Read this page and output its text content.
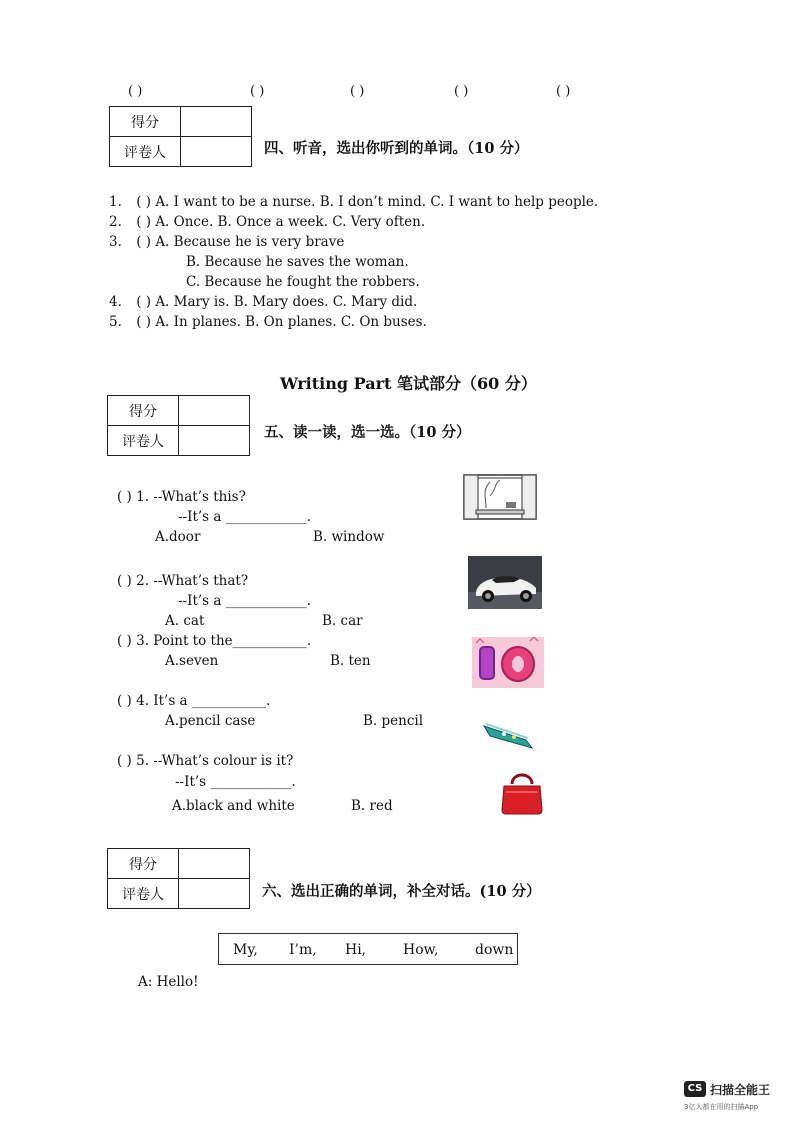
( )	( )	( )	( )	( )
得分	
评卷人		四、听音，选出你听到的单词。（10 分）
1. ( ) A. I want to be a nurse. B. I don’t mind. C. I want to help people.
2. ( ) A. Once. B. Once a week. C. Very often.
3. ( ) A. Because he is very brave
B. Because he saves the woman.
C. Because he fought the robbers.
4. ( ) A. Mary is. B. Mary does. C. Mary did.
5. ( ) A. In planes. B. On planes. C. On buses.
Writing Part 笔试部分（60 分）
得分	
评卷人	
五、读一读，选一选。（10 分）
( ) 1. --What’s this?
--It’s a ____________.
A.door	B. window
( ) 2. --What’s that?
--It’s a ____________.
A. cat	B. car
( ) 3. Point to the___________.
A.seven	B. ten
( ) 4. It’s a ___________.
A.pencil case	B. pencil
( ) 5. --What’s colour is it?
--It’s ____________.
A.black and white	B. red
得分	
评卷人		六、选出正确的单词，补全对话。(10 分）
My, I’m, Hi,	How,	down
A: Hello!
CS 扫描全能王
3亿人都在用的扫描App
